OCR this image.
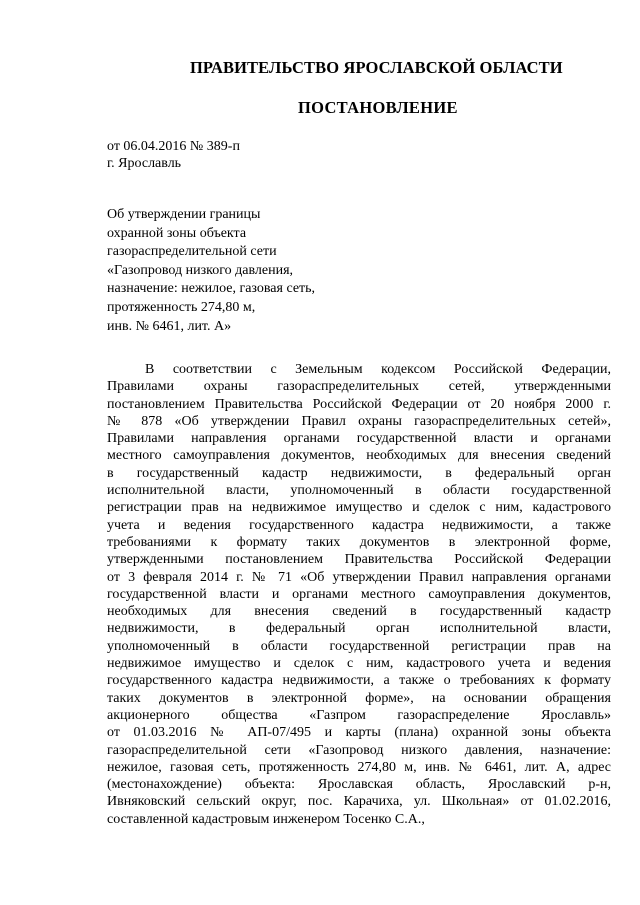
ПРАВИТЕЛЬСТВО ЯРОСЛАВСКОЙ ОБЛАСТИ
ПОСТАНОВЛЕНИЕ
от 06.04.2016 № 389-п
г. Ярославль
Об утверждении границы
охранной зоны объекта
газораспределительной сети
«Газопровод низкого давления,
назначение: нежилое, газовая сеть,
протяженность 274,80 м,
инв. № 6461, лит. А»
В соответствии с Земельным кодексом Российской Федерации,
Правилами охраны газораспределительных сетей, утвержденными
постановлением Правительства Российской Федерации от 20 ноября 2000 г.
№ 878 «Об утверждении Правил охраны газораспределительных сетей»,
Правилами направления органами государственной власти и органами
местного самоуправления документов, необходимых для внесения сведений
в государственный кадастр недвижимости, в федеральный орган
исполнительной власти, уполномоченный в области государственной
регистрации прав на недвижимое имущество и сделок с ним, кадастрового
учета и ведения государственного кадастра недвижимости, а также
требованиями к формату таких документов в электронной форме,
утвержденными постановлением Правительства Российской Федерации
от 3 февраля 2014 г. № 71 «Об утверждении Правил направления органами
государственной власти и органами местного самоуправления документов,
необходимых для внесения сведений в государственный кадастр
недвижимости, в федеральный орган исполнительной власти,
уполномоченный в области государственной регистрации прав на
недвижимое имущество и сделок с ним, кадастрового учета и ведения
государственного кадастра недвижимости, а также о требованиях к формату
таких документов в электронной форме», на основании обращения
акционерного общества «Газпром газораспределение Ярославль»
от 01.03.2016 № АП-07/495 и карты (плана) охранной зоны объекта
газораспределительной сети «Газопровод низкого давления, назначение:
нежилое, газовая сеть, протяженность 274,80 м, инв. № 6461, лит. А, адрес
(местонахождение) объекта: Ярославская область, Ярославский р-н,
Ивняковский сельский округ, пос. Карачиха, ул. Школьная» от 01.02.2016,
составленной кадастровым инженером Тосенко С.А.,
